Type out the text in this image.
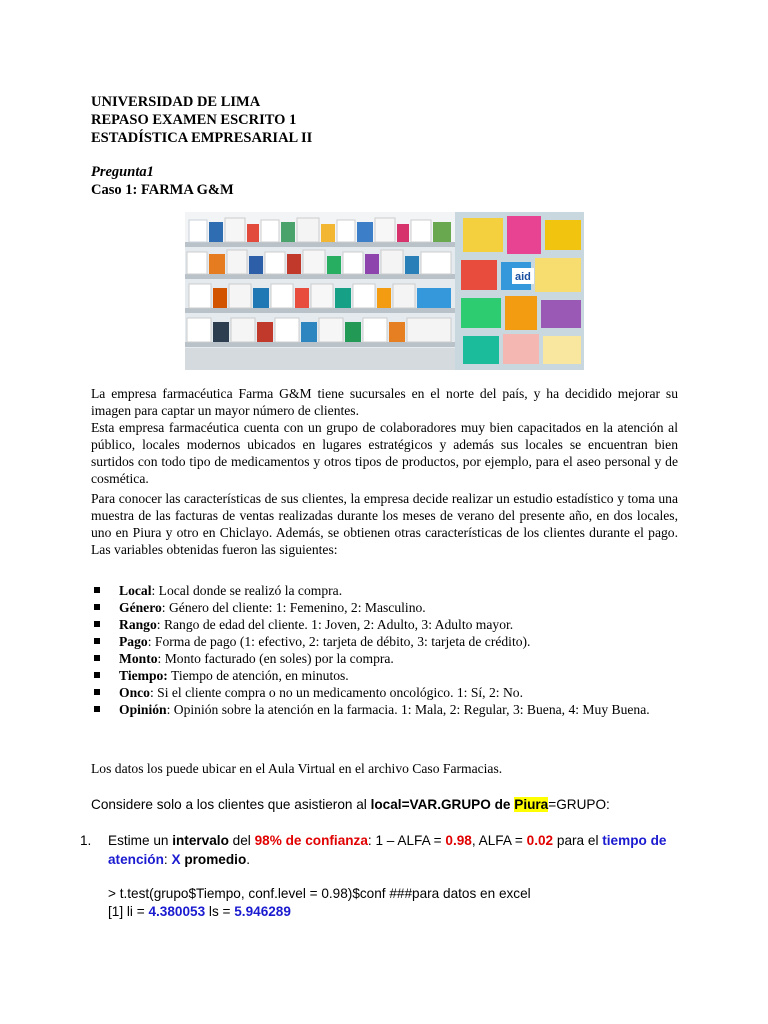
UNIVERSIDAD DE LIMA
REPASO EXAMEN ESCRITO 1
ESTADÍSTICA EMPRESARIAL II
Pregunta1
Caso 1: FARMA G&M
aid
La empresa farmacéutica Farma G&M tiene sucursales en el norte del país, y ha decidido mejorar su imagen para captar un mayor número de clientes.
Esta empresa farmacéutica cuenta con un grupo de colaboradores muy bien capacitados en la atención al público, locales modernos ubicados en lugares estratégicos y además sus locales se encuentran bien surtidos con todo tipo de medicamentos y otros tipos de productos, por ejemplo, para el aseo personal y de cosmética.
Para conocer las características de sus clientes, la empresa decide realizar un estudio estadístico y toma una muestra de las facturas de ventas realizadas durante los meses de verano del presente año, en dos locales, uno en Piura y otro en Chiclayo. Además, se obtienen otras características de los clientes durante el pago. Las variables obtenidas fueron las siguientes:
Local: Local donde se realizó la compra.
Género: Género del cliente: 1: Femenino, 2: Masculino.
Rango: Rango de edad del cliente. 1: Joven, 2: Adulto, 3: Adulto mayor.
Pago: Forma de pago (1: efectivo, 2: tarjeta de débito, 3: tarjeta de crédito).
Monto: Monto facturado (en soles) por la compra.
Tiempo: Tiempo de atención, en minutos.
Onco: Si el cliente compra o no un medicamento oncológico. 1: Sí, 2: No.
Opinión: Opinión sobre la atención en la farmacia. 1: Mala, 2: Regular, 3: Buena, 4: Muy Buena.
Los datos los puede ubicar en el Aula Virtual en el archivo Caso Farmacias.
Considere solo a los clientes que asistieron al local=VAR.GRUPO de Piura=GRUPO:
1. Estime un intervalo del 98% de confianza: 1 – ALFA = 0.98, ALFA = 0.02 para el tiempo de atención: X promedio.
> t.test(grupo$Tiempo, conf.level = 0.98)$conf ###para datos en excel
[1] li = 4.380053 ls = 5.946289
